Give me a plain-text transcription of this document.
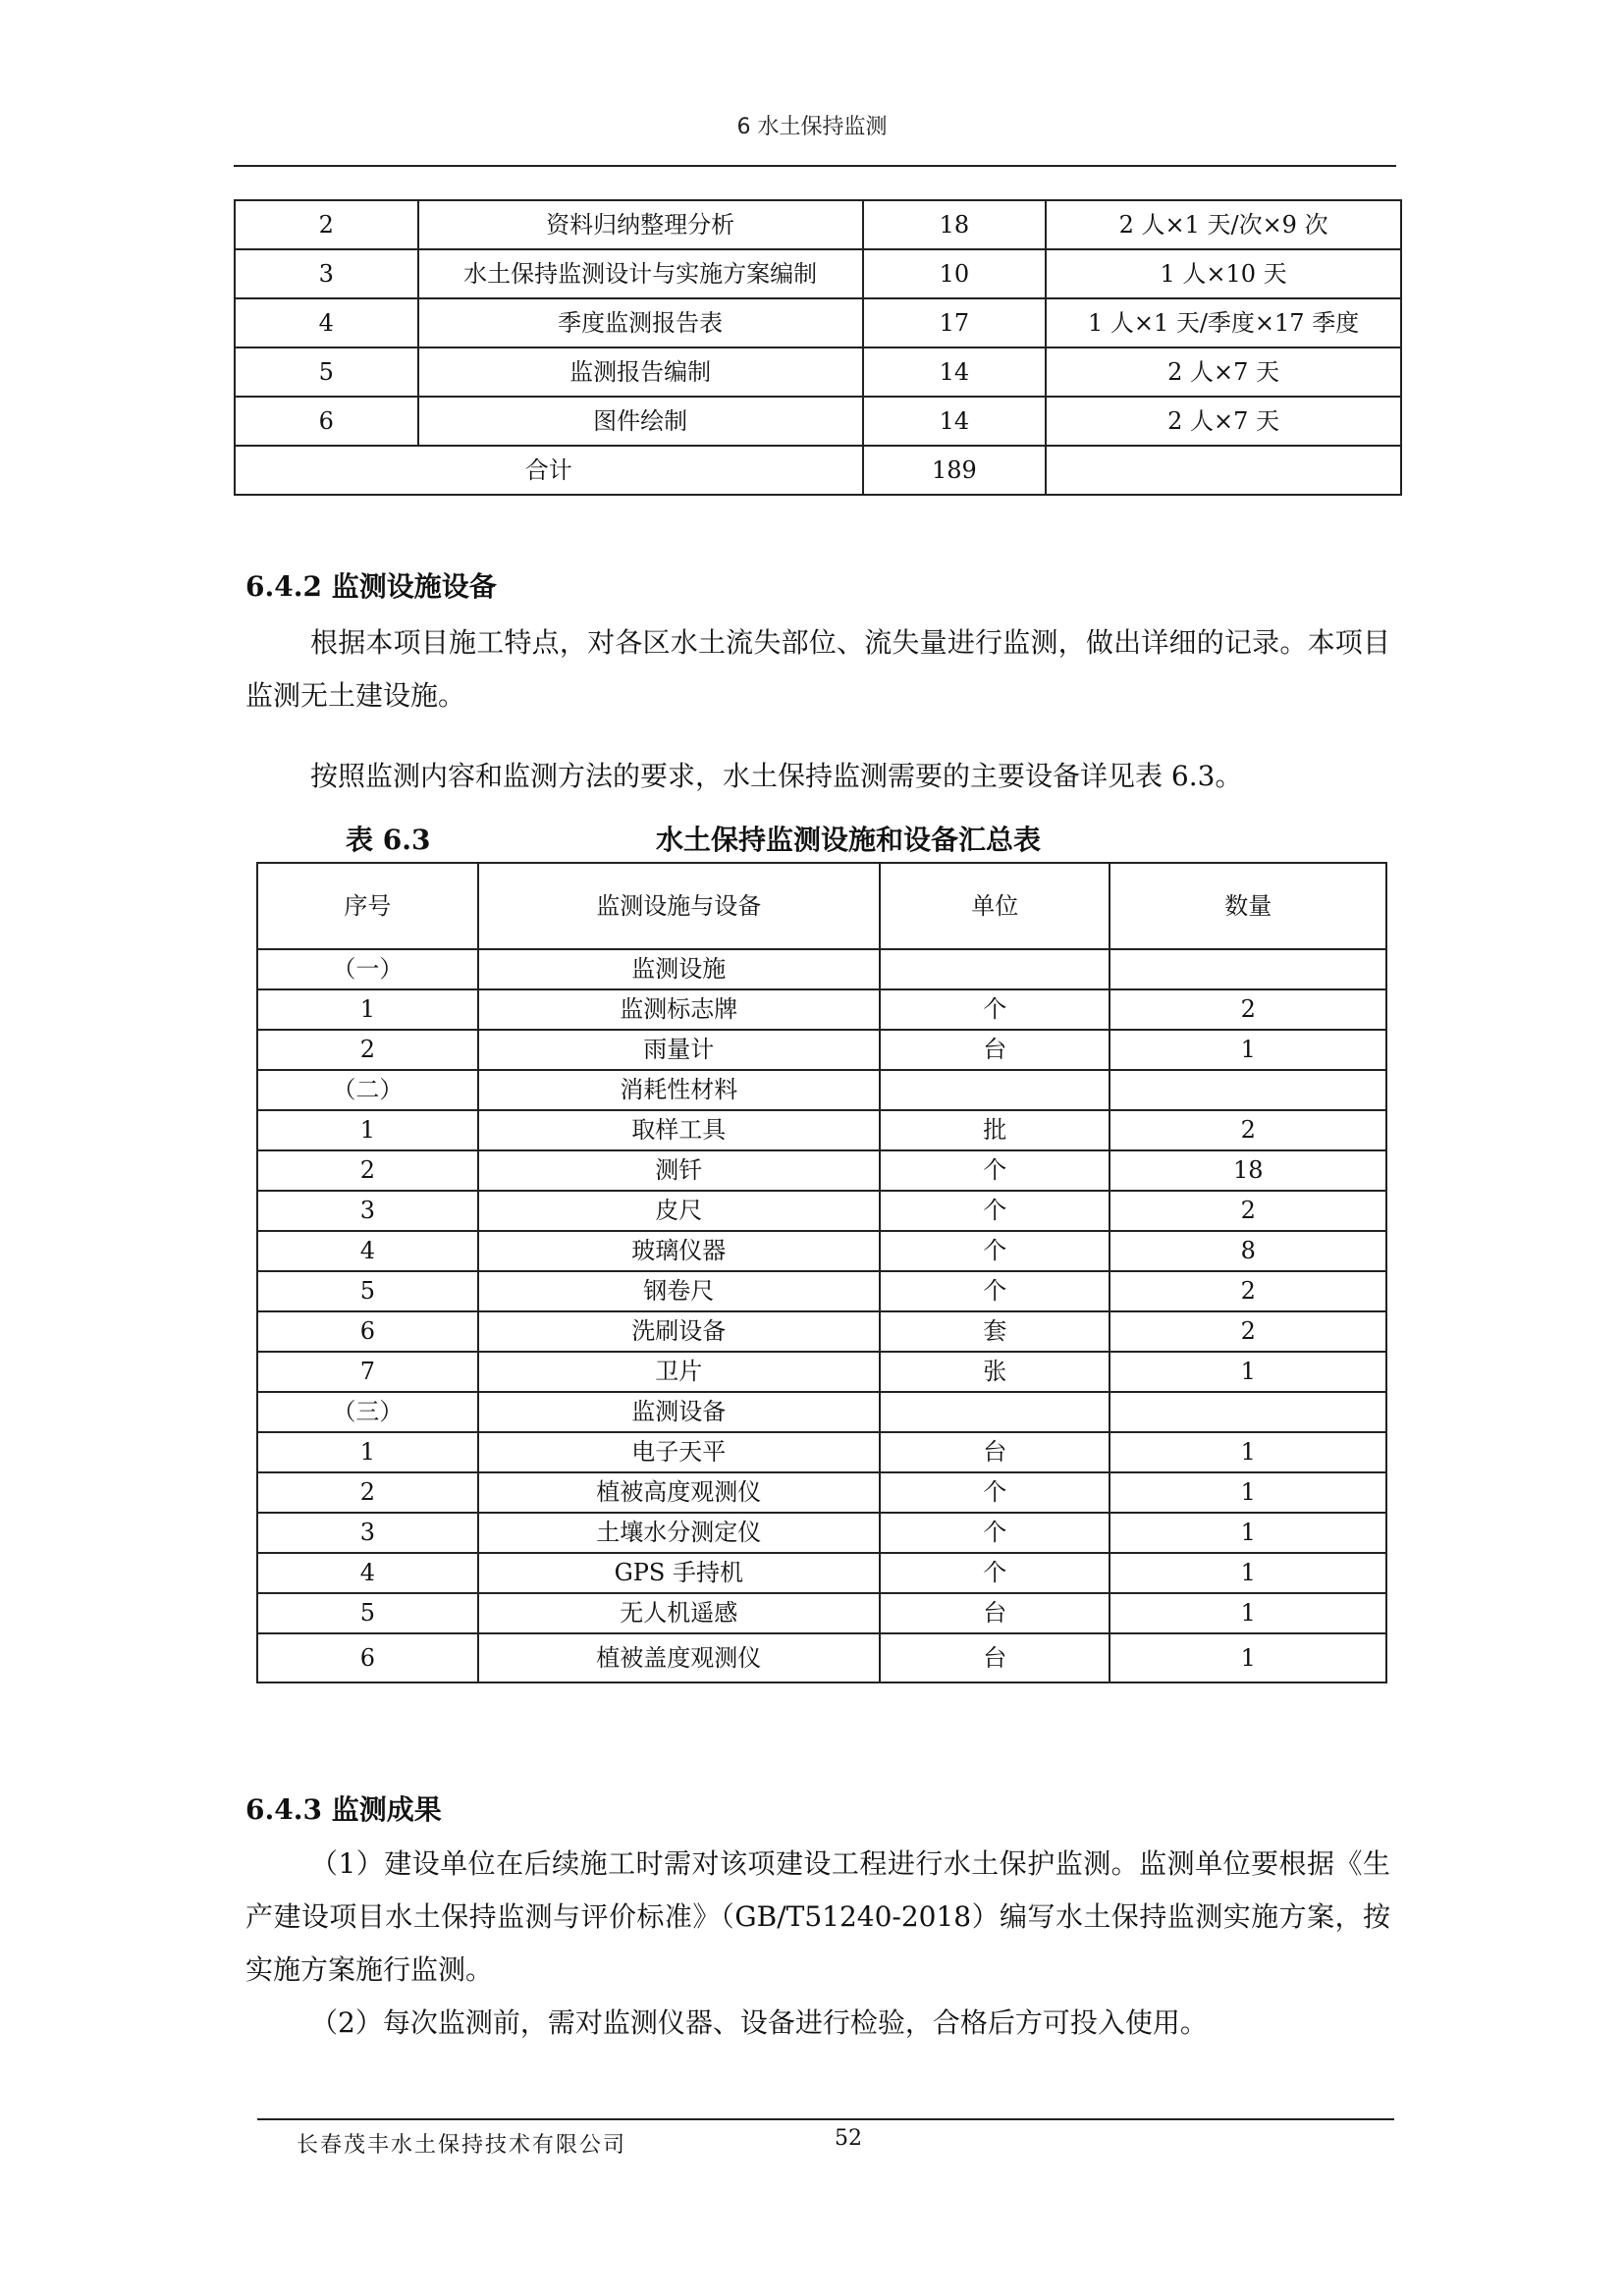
6 水土保持监测
2	资料归纳整理分析	18	2 人×1 天/次×9 次
3	水土保持监测设计与实施方案编制	10	1 人×10 天
4	季度监测报告表	17	1 人×1 天/季度×17 季度
5	监测报告编制	14	2 人×7 天
6	图件绘制	14	2 人×7 天
合计		189	
6.4.2 监测设施设备

根据本项目施工特点，对各区水土流失部位、流失量进行监测，做出详细的记录。本项目监测无土建设施。

按照监测内容和监测方法的要求，水土保持监测需要的主要设备详见表 6.3。

表 6.3	水土保持监测设施和设备汇总表
序号	监测设施与设备	单位	数量
（一）	监测设施		
1	监测标志牌	个	2
2	雨量计	台	1
（二）	消耗性材料		
1	取样工具	批	2
2	测钎	个	18
3	皮尺	个	2
4	玻璃仪器	个	8
5	钢卷尺	个	2
6	洗刷设备	套	2
7	卫片	张	1
（三）	监测设备		
1	电子天平	台	1
2	植被高度观测仪	个	1
3	土壤水分测定仪	个	1
4	GPS 手持机	个	1
5	无人机遥感	台	1
6	植被盖度观测仪	台	1
6.4.3 监测成果

（1）建设单位在后续施工时需对该项建设工程进行水土保护监测。监测单位要根据《生产建设项目水土保持监测与评价标准》（GB/T51240-2018）编写水土保持监测实施方案，按实施方案施行监测。

（2）每次监测前，需对监测仪器、设备进行检验，合格后方可投入使用。

长春茂丰水土保持技术有限公司	52
